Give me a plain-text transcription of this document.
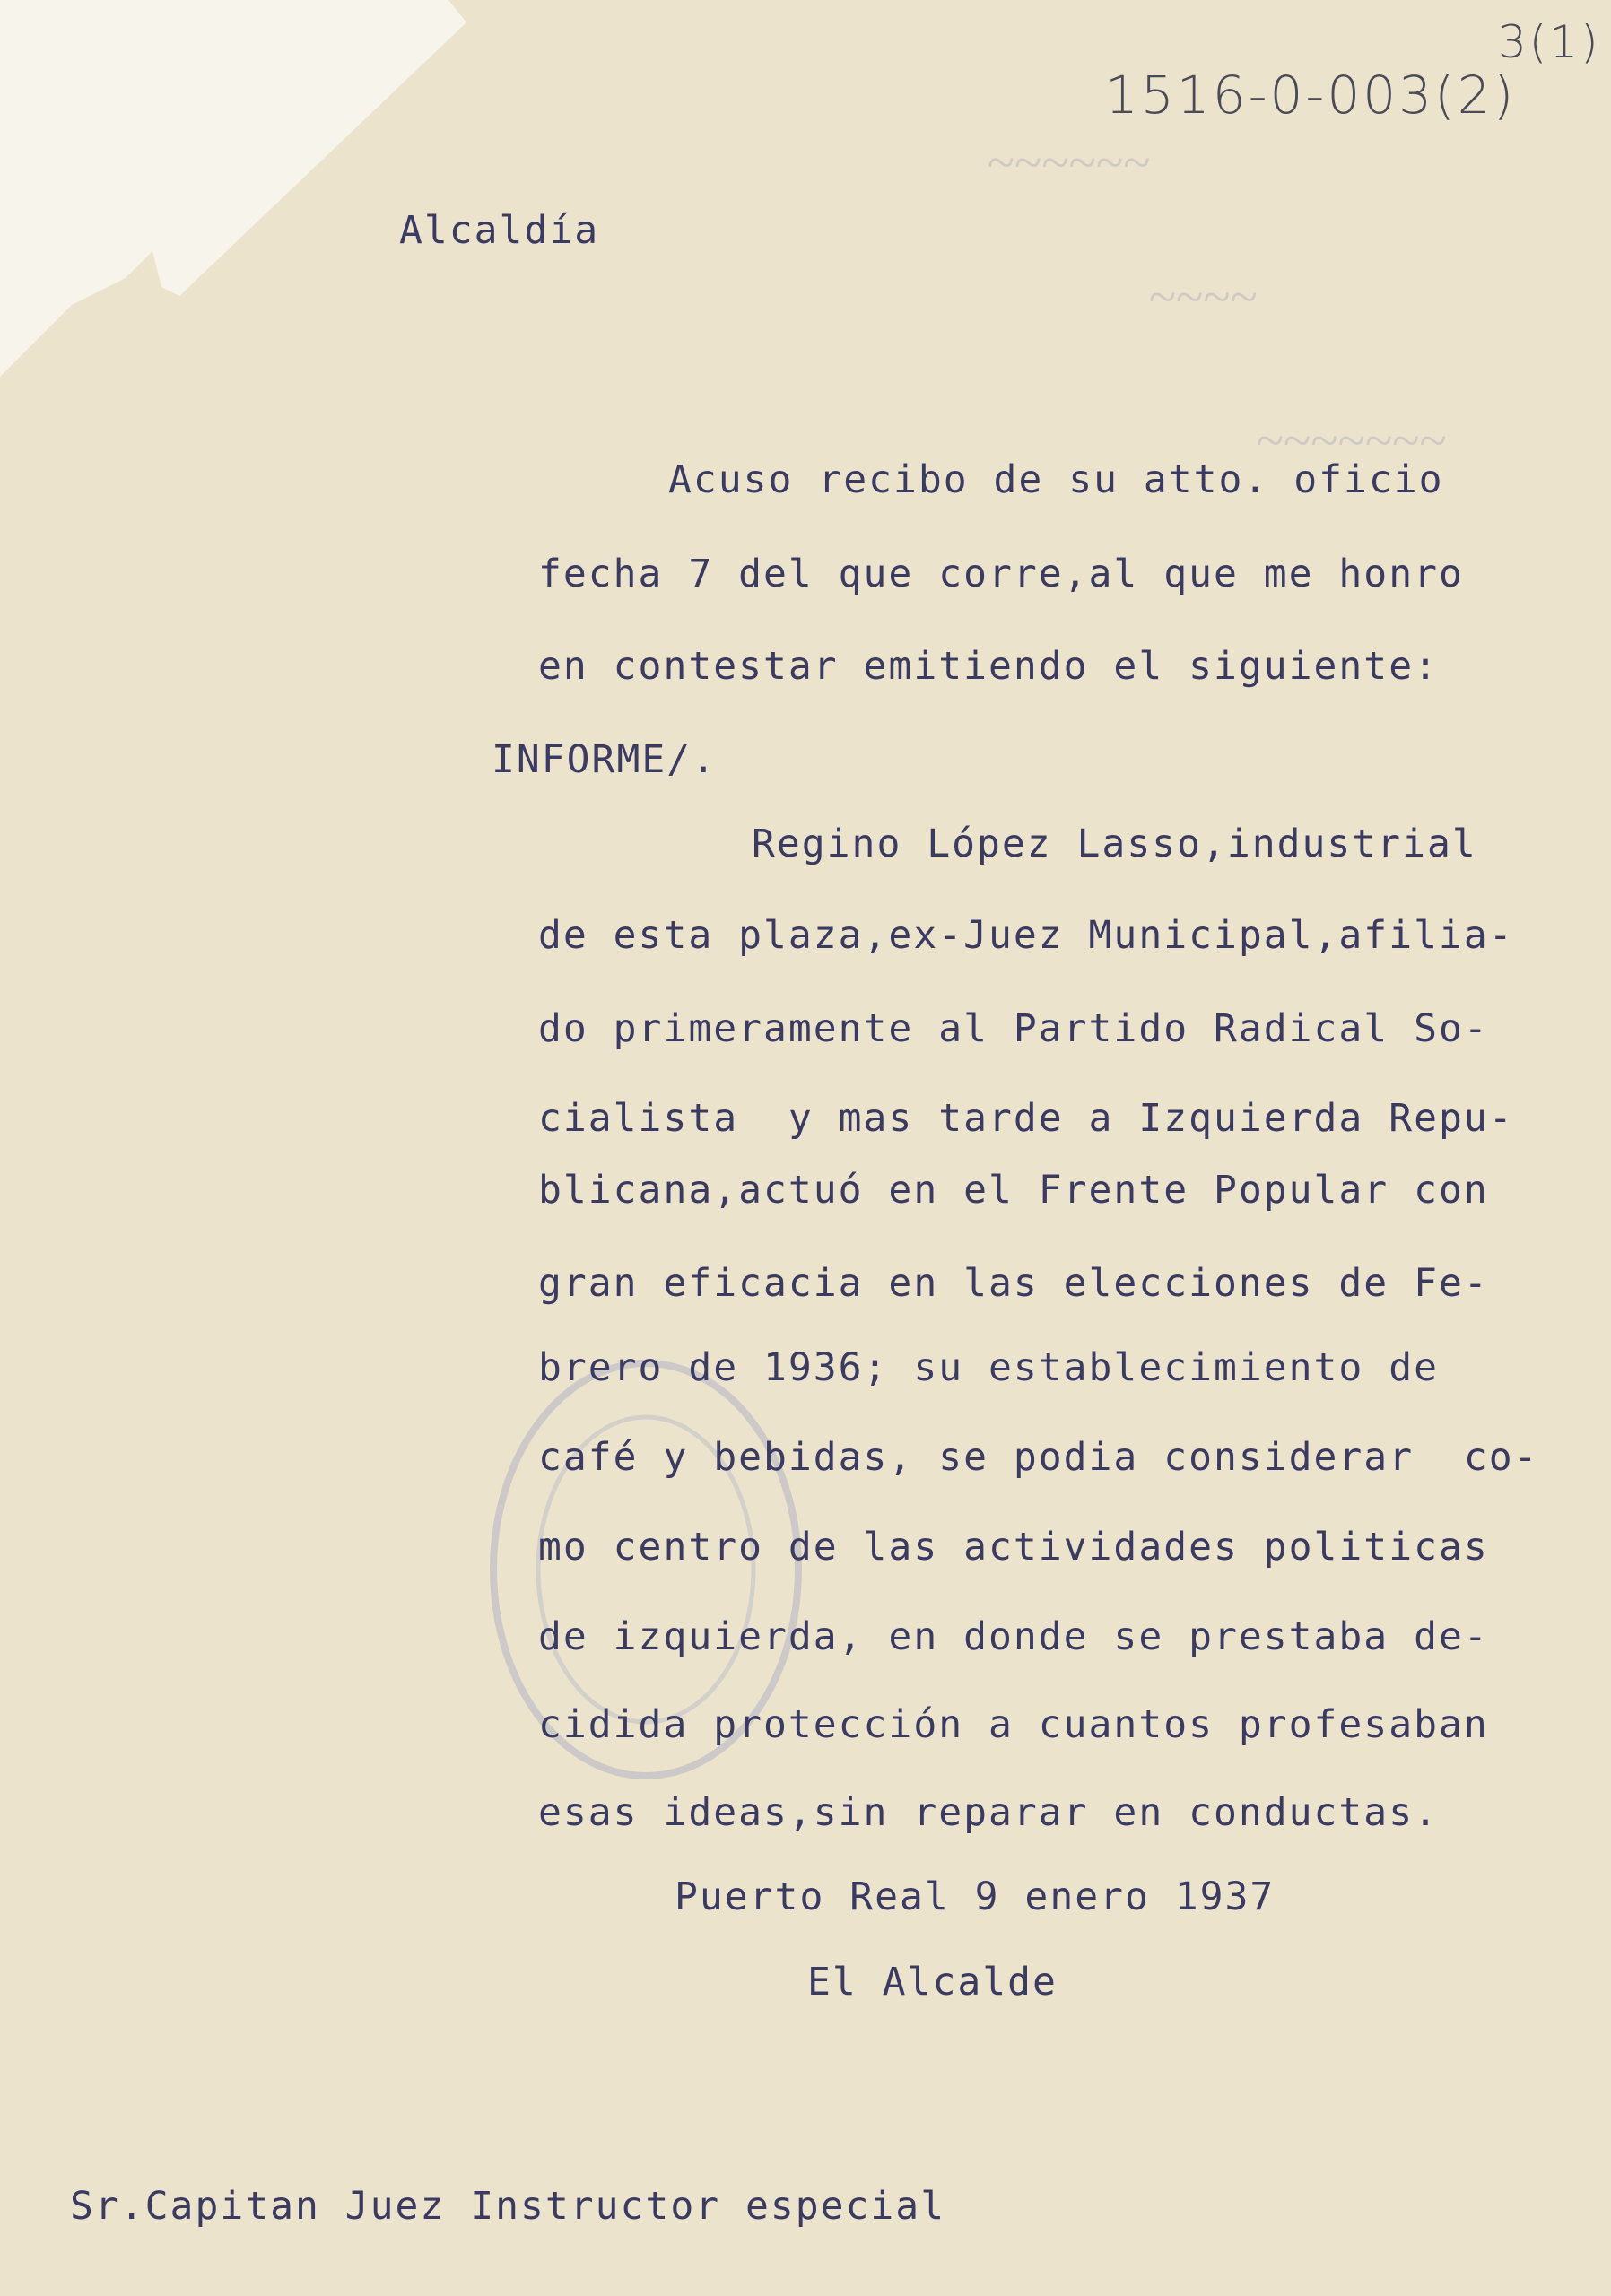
~~~~~~
~~~~
~~~~~~~
3(1)
1516-0-003(2)
Alcaldía
Acuso recibo de su atto. oficio
fecha 7 del que corre,al que me honro
en contestar emitiendo el siguiente:
INFORME/.
Regino López Lasso,industrial
de esta plaza,ex-Juez Municipal,afilia-
do primeramente al Partido Radical So-
cialista  y mas tarde a Izquierda Repu-
blicana,actuó en el Frente Popular con
gran eficacia en las elecciones de Fe-
brero de 1936; su establecimiento de
café y bebidas, se podia considerar  co-
mo centro de las actividades politicas
de izquierda, en donde se prestaba de-
cidida protección a cuantos profesaban
esas ideas,sin reparar en conductas.
Puerto Real 9 enero 1937
El Alcalde
Sr.Capitan Juez Instructor especial
